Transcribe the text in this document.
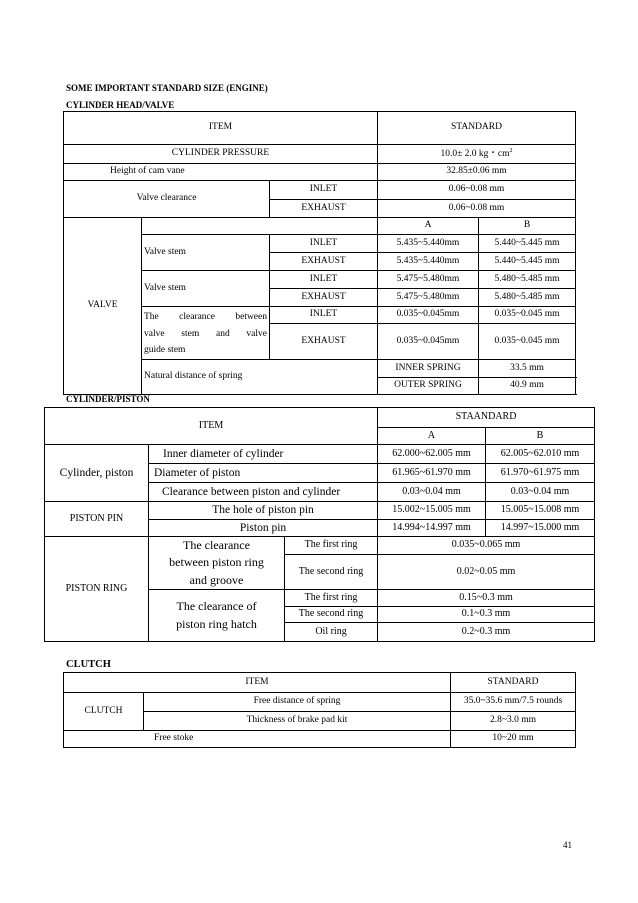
SOME IMPORTANT STANDARD SIZE (ENGINE)
CYLINDER HEAD/VALVE
ITEM			STANDARD	
CYLINDER PRESSURE			10.0± 2.0 kg・$cm^2$
Height of cam vane			32.85±0.06 mm	
Valve clearance		INLET	0.06~0.08 mm	
		EXHAUST	0.06~0.08 mm	
VALVE			A	B
	Valve stem	INLET	5.435~5.440mm	5.440~5.445 mm
		EXHAUST	5.435~5.440mm	5.440~5.445 mm
	Valve stem	INLET	5.475~5.480mm	5.480~5.485 mm
		EXHAUST	5.475~5.480mm	5.480~5.485 mm

	The clearance between
valve stem and valve
guide stem	INLET	0.035~0.045mm	0.035~0.045 mm
		EXHAUST	0.035~0.045mm	0.035~0.045 mm
	Natural distance of spring		INNER SPRING	33.5 mm
			OUTER SPRING	40.9 mm
CYLINDER/PISTON
ITEM			STAANDARD	
			A	B
Cylinder, piston	Inner diameter of cylinder		62.000~62.005 mm	62.005~62.010 mm
	Diameter of piston		61.965~61.970 mm	61.970~61.975 mm
	Clearance between piston and cylinder		0.03~0.04 mm	0.03~0.04 mm
PISTON PIN	The hole of piston pin		15.002~15.005 mm	15.005~15.008 mm
	Piston pin		14.994~14.997 mm	14.997~15.000 mm
PISTON RING	The clearance
between piston ring
and groove	The first ring	0.035~0.065 mm	
		The second ring	0.02~0.05 mm	

	The clearance of
piston ring hatch	The first ring	0.15~0.3 mm	
		The second ring	0.1~0.3 mm	
		Oil ring	0.2~0.3 mm	
CLUTCH
ITEM		STANDARD
CLUTCH	Free distance of spring	35.0~35.6 mm/7.5 rounds
	Thickness of brake pad kit	2.8~3.0 mm
Free stoke		10~20 mm
41
